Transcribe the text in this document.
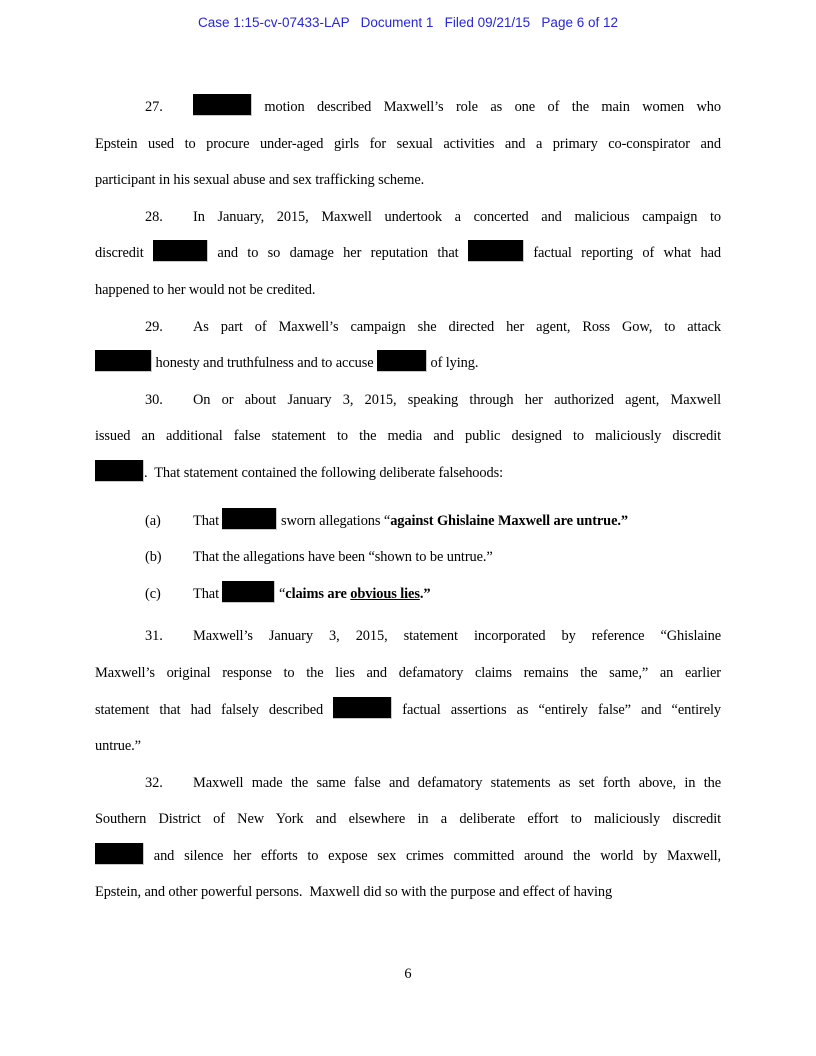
Case 1:15-cv-07433-LAP   Document 1   Filed 09/21/15   Page 6 of 12
27.	motion described Maxwell’s role as one of the main women who
Epstein used to procure under-aged girls for sexual activities and a primary co-conspirator and
participant in his sexual abuse and sex trafficking scheme.
28. In January, 2015, Maxwell undertook a concerted and malicious campaign to
discredit	and to so damage her reputation that	factual reporting of what had
happened to her would not be credited.
29. As part of Maxwell’s campaign she directed her agent, Ross Gow, to attack
honesty and truthfulness and to accuse	of lying.
30. On or about January 3, 2015, speaking through her authorized agent, Maxwell
issued an additional false statement to the media and public designed to maliciously discredit
.  That statement contained the following deliberate falsehoods:
(a) That	sworn allegations “against Ghislaine Maxwell are untrue.”
(b) That the allegations have been “shown to be untrue.”
(c) That	“claims are obvious lies.”
31. Maxwell’s January 3, 2015, statement incorporated by reference “Ghislaine
Maxwell’s original response to the lies and defamatory claims remains the same,” an earlier
statement that had falsely described	factual assertions as “entirely false” and “entirely
untrue.”
32. Maxwell made the same false and defamatory statements as set forth above, in the
Southern District of New York and elsewhere in a deliberate effort to maliciously discredit
and silence her efforts to expose sex crimes committed around the world by Maxwell,
Epstein, and other powerful persons.  Maxwell did so with the purpose and effect of having
6
